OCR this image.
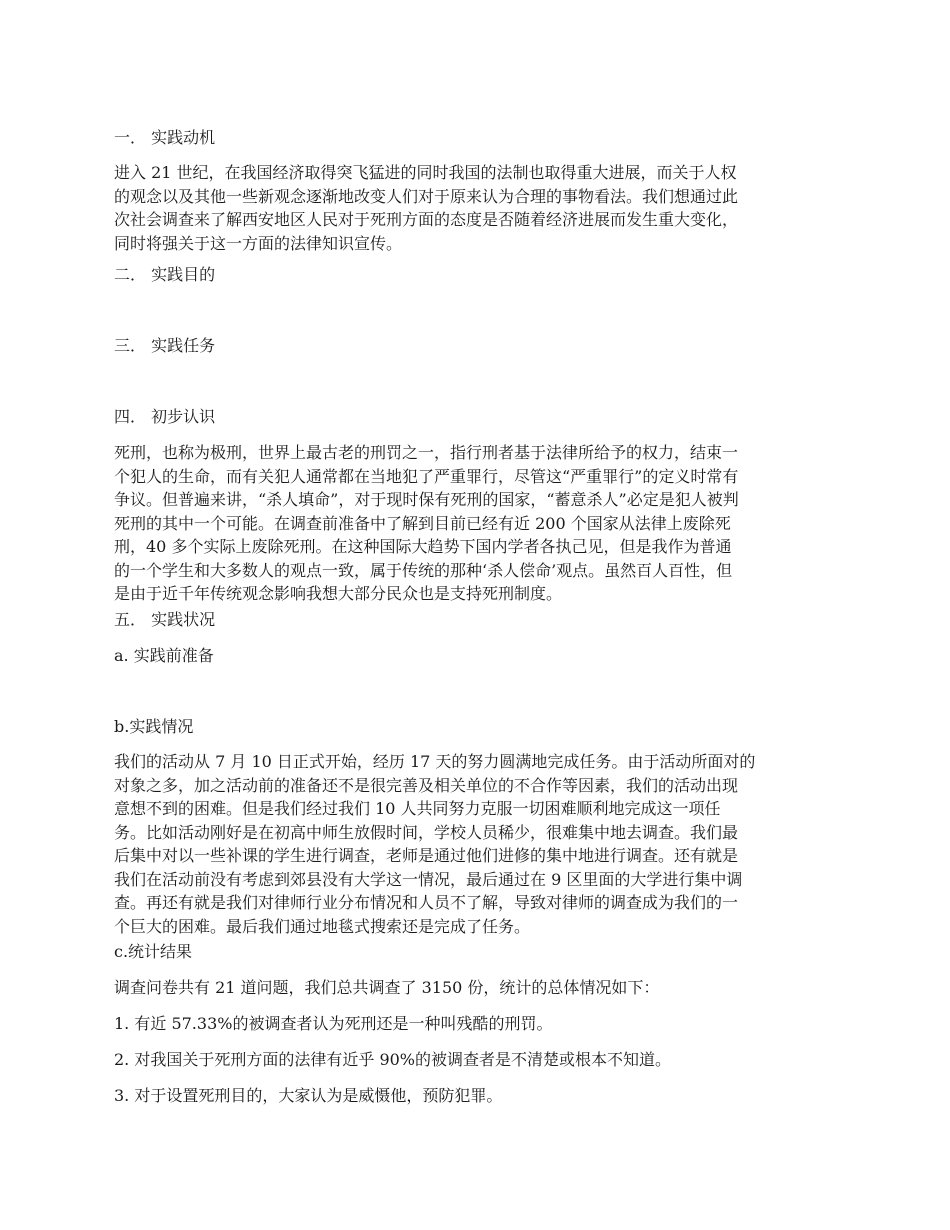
一． 实践动机

进入 21 世纪，在我国经济取得突飞猛进的同时我国的法制也取得重大进展，而关于人权
的观念以及其他一些新观念逐渐地改变人们对于原来认为合理的事物看法。我们想通过此
次社会调查来了解西安地区人民对于死刑方面的态度是否随着经济进展而发生重大变化，
同时将强关于这一方面的法律知识宣传。

二． 实践目的

三． 实践任务

四． 初步认识

死刑，也称为极刑，世界上最古老的刑罚之一，指行刑者基于法律所给予的权力，结束一
个犯人的生命，而有关犯人通常都在当地犯了严重罪行，尽管这“严重罪行”的定义时常有
争议。但普遍来讲，“杀人填命”，对于现时保有死刑的国家，“蓄意杀人”必定是犯人被判
死刑的其中一个可能。在调查前准备中了解到目前已经有近 200 个国家从法律上废除死
刑，40 多个实际上废除死刑。在这种国际大趋势下国内学者各执己见，但是我作为普通
的一个学生和大多数人的观点一致，属于传统的那种‘杀人偿命’观点。虽然百人百性，但
是由于近千年传统观念影响我想大部分民众也是支持死刑制度。

五． 实践状况

a. 实践前准备

b.实践情况

我们的活动从 7 月 10 日正式开始，经历 17 天的努力圆满地完成任务。由于活动所面对的
对象之多，加之活动前的准备还不是很完善及相关单位的不合作等因素，我们的活动出现
意想不到的困难。但是我们经过我们 10 人共同努力克服一切困难顺利地完成这一项任
务。比如活动刚好是在初高中师生放假时间，学校人员稀少，很难集中地去调查。我们最
后集中对以一些补课的学生进行调查，老师是通过他们进修的集中地进行调查。还有就是
我们在活动前没有考虑到郊县没有大学这一情况，最后通过在 9 区里面的大学进行集中调
查。再还有就是我们对律师行业分布情况和人员不了解，导致对律师的调查成为我们的一
个巨大的困难。最后我们通过地毯式搜索还是完成了任务。

c.统计结果

调查问卷共有 21 道问题，我们总共调查了 3150 份，统计的总体情况如下：

1. 有近 57.33%的被调查者认为死刑还是一种叫残酷的刑罚。

2. 对我国关于死刑方面的法律有近乎 90%的被调查者是不清楚或根本不知道。

3. 对于设置死刑目的，大家认为是威慑他，预防犯罪。
